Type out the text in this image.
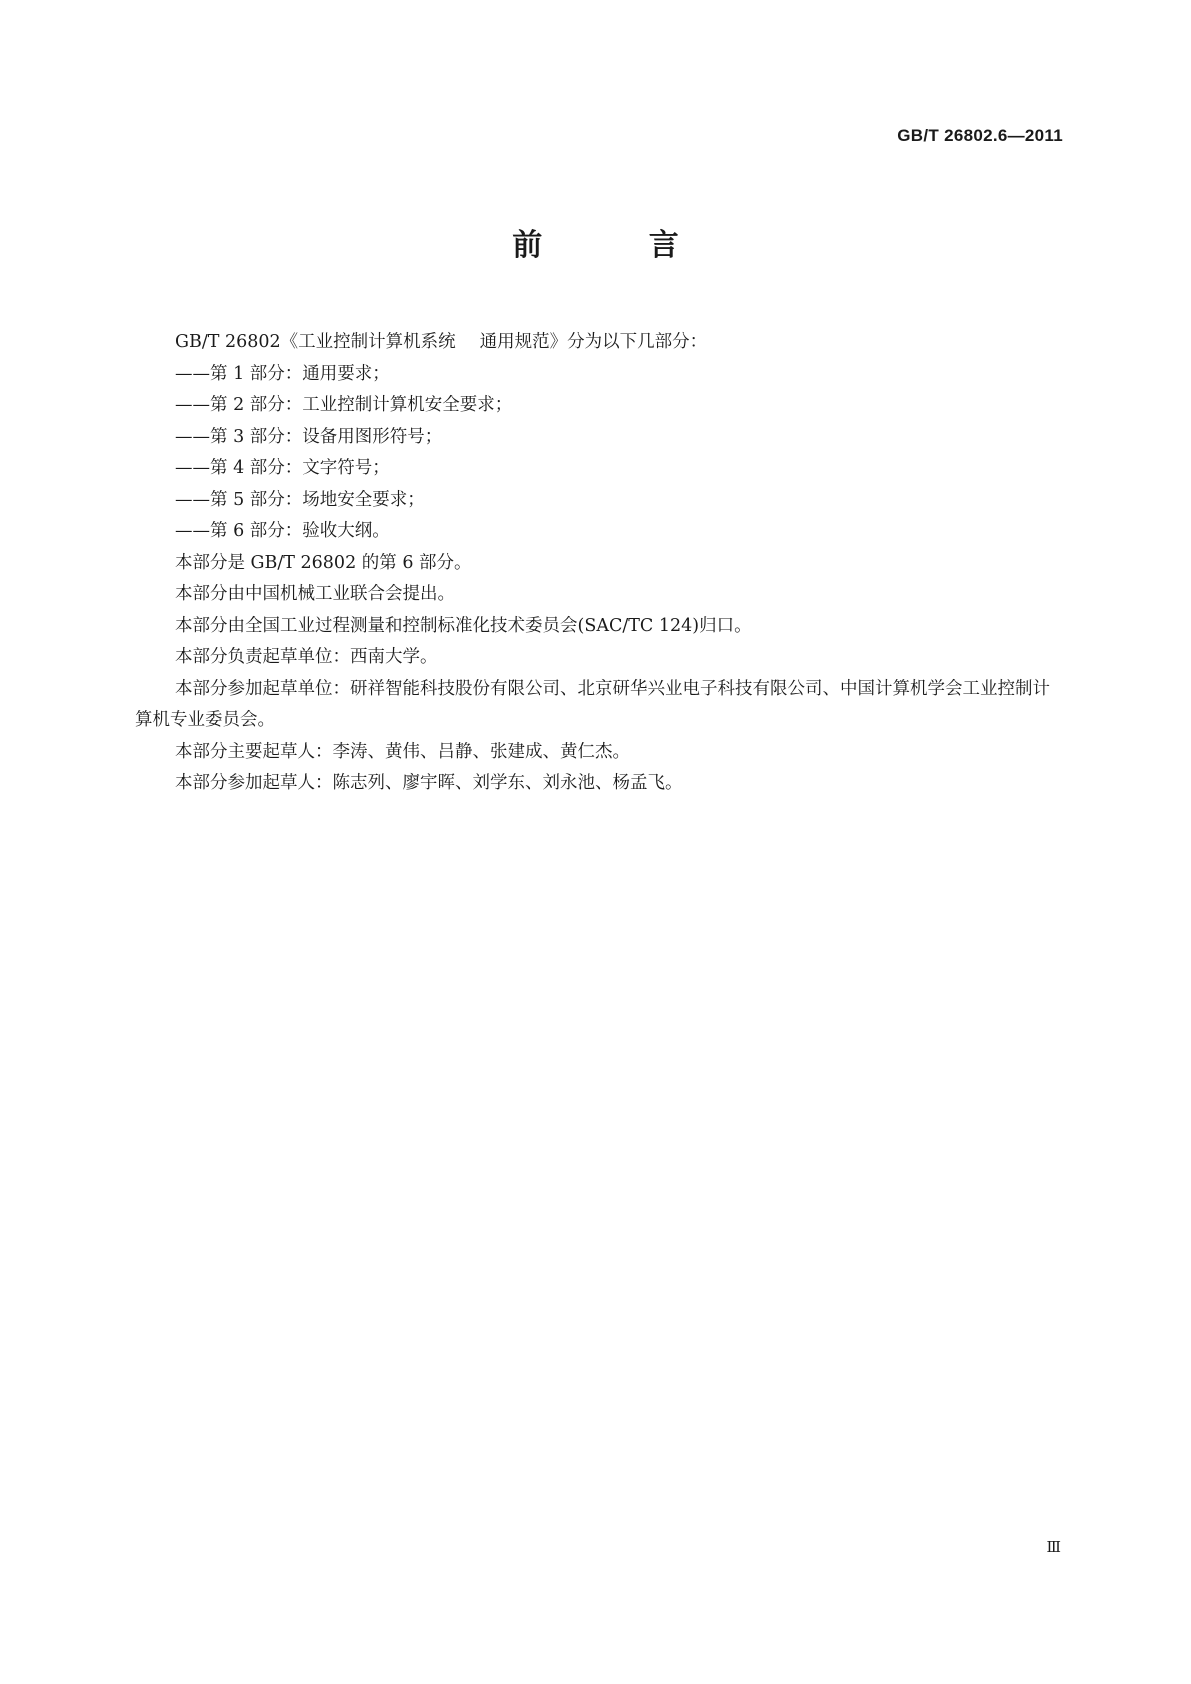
GB/T 26802.6—2011
前 言

GB/T 26802《工业控制计算机系统 通用规范》分为以下几部分：

——第 1 部分：通用要求；

——第 2 部分：工业控制计算机安全要求；

——第 3 部分：设备用图形符号；

——第 4 部分：文字符号；

——第 5 部分：场地安全要求；

——第 6 部分：验收大纲。

本部分是 GB/T 26802 的第 6 部分。

本部分由中国机械工业联合会提出。

本部分由全国工业过程测量和控制标准化技术委员会(SAC/TC 124)归口。

本部分负责起草单位：西南大学。

本部分参加起草单位：研祥智能科技股份有限公司、北京研华兴业电子科技有限公司、中国计算机学会工业控制计算机专业委员会。

本部分主要起草人：李涛、黄伟、吕静、张建成、黄仁杰。

本部分参加起草人：陈志列、廖宇晖、刘学东、刘永池、杨孟飞。

Ⅲ
